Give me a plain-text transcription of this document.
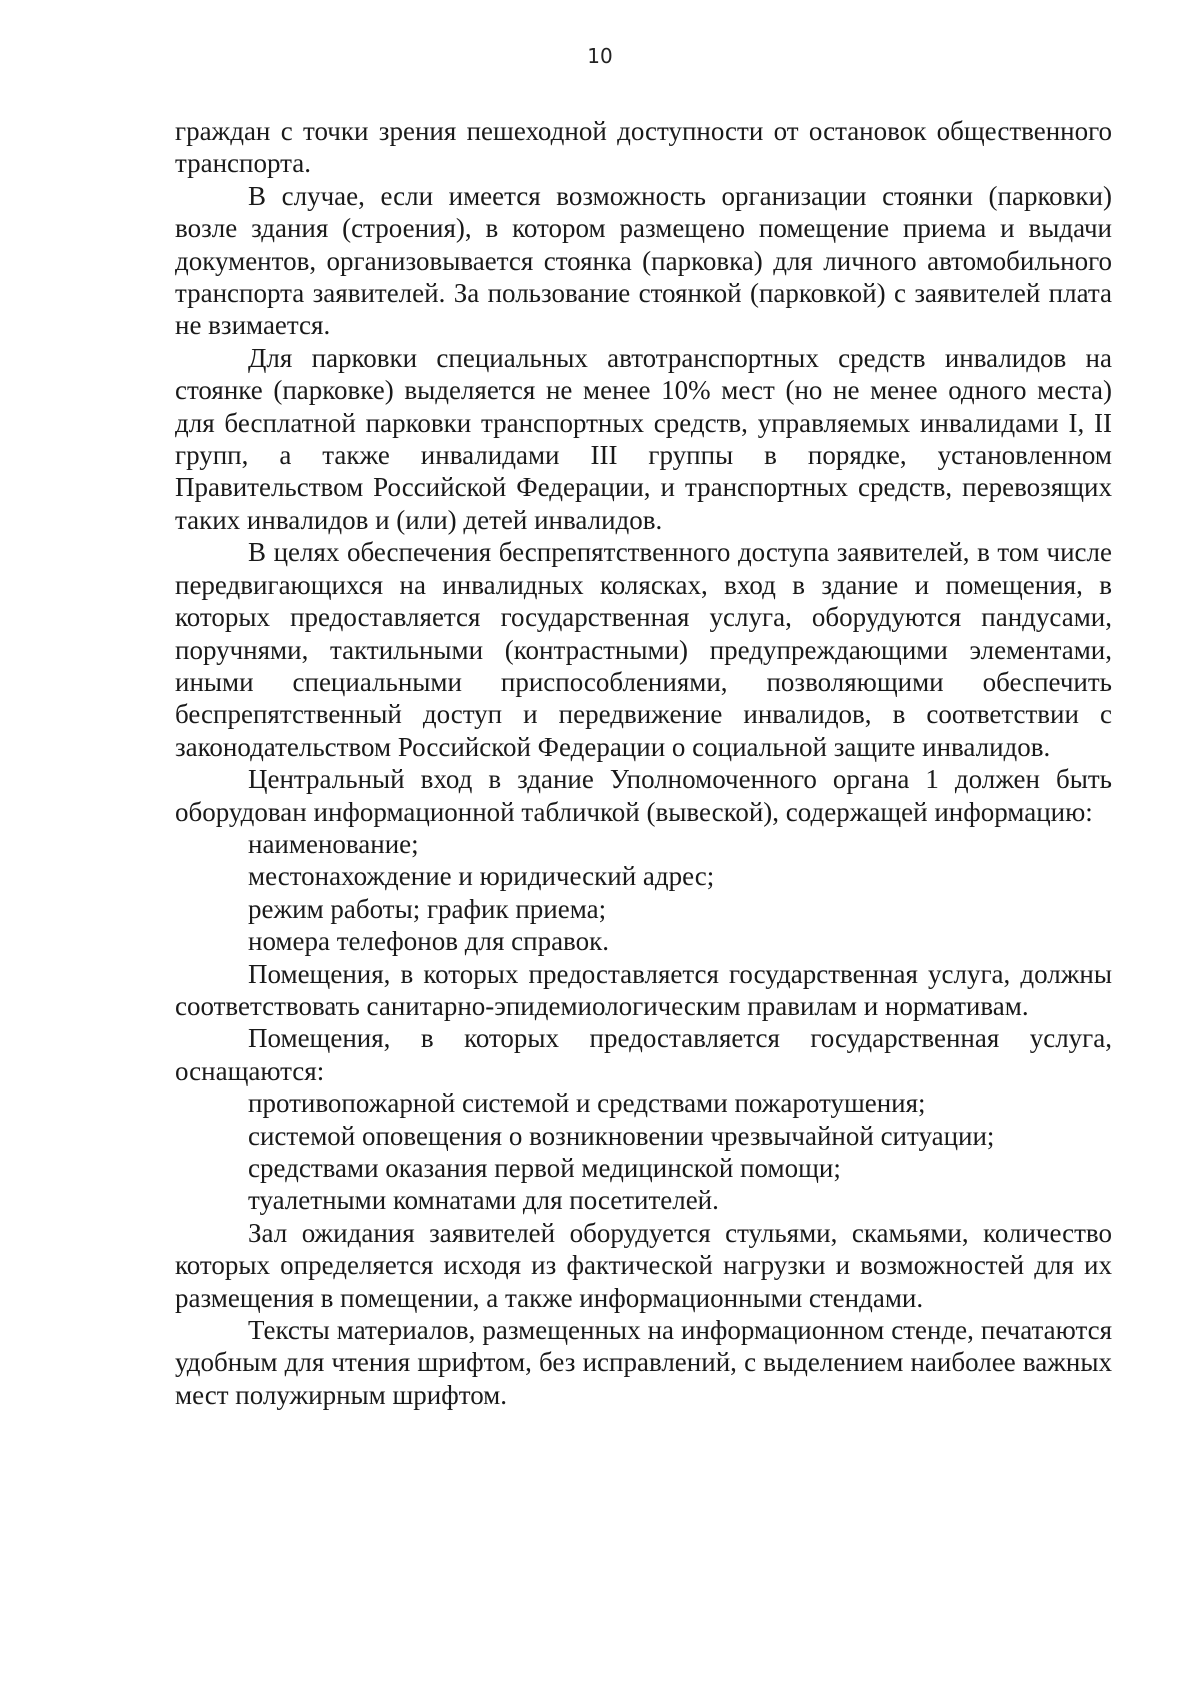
10

граждан с точки зрения пешеходной доступности от остановок общественного транспорта.

В случае, если имеется возможность организации стоянки (парковки) возле здания (строения), в котором размещено помещение приема и выдачи документов, организовывается стоянка (парковка) для личного автомобильного транспорта заявителей. За пользование стоянкой (парковкой) с заявителей плата не взимается.

Для парковки специальных автотранспортных средств инвалидов на стоянке (парковке) выделяется не менее 10% мест (но не менее одного места) для бесплатной парковки транспортных средств, управляемых инвалидами I, II групп, а также инвалидами III группы в порядке, установленном Правительством Российской Федерации, и транспортных средств, перевозящих таких инвалидов и (или) детей инвалидов.

В целях обеспечения беспрепятственного доступа заявителей, в том числе передвигающихся на инвалидных колясках, вход в здание и помещения, в которых предоставляется государственная услуга, оборудуются пандусами, поручнями, тактильными (контрастными) предупреждающими элементами, иными специальными приспособлениями, позволяющими обеспечить беспрепятственный доступ и передвижение инвалидов, в соответствии с законодательством Российской Федерации о социальной защите инвалидов.

Центральный вход в здание Уполномоченного органа 1 должен быть оборудован информационной табличкой (вывеской), содержащей информацию:

наименование;

местонахождение и юридический адрес;

режим работы; график приема;

номера телефонов для справок.

Помещения, в которых предоставляется государственная услуга, должны соответствовать санитарно-эпидемиологическим правилам и нормативам.

Помещения, в которых предоставляется государственная услуга, оснащаются:

противопожарной системой и средствами пожаротушения;

системой оповещения о возникновении чрезвычайной ситуации;

средствами оказания первой медицинской помощи;

туалетными комнатами для посетителей.

Зал ожидания заявителей оборудуется стульями, скамьями, количество которых определяется исходя из фактической нагрузки и возможностей для их размещения в помещении, а также информационными стендами.

Тексты материалов, размещенных на информационном стенде, печатаются удобным для чтения шрифтом, без исправлений, с выделением наиболее важных мест полужирным шрифтом.
